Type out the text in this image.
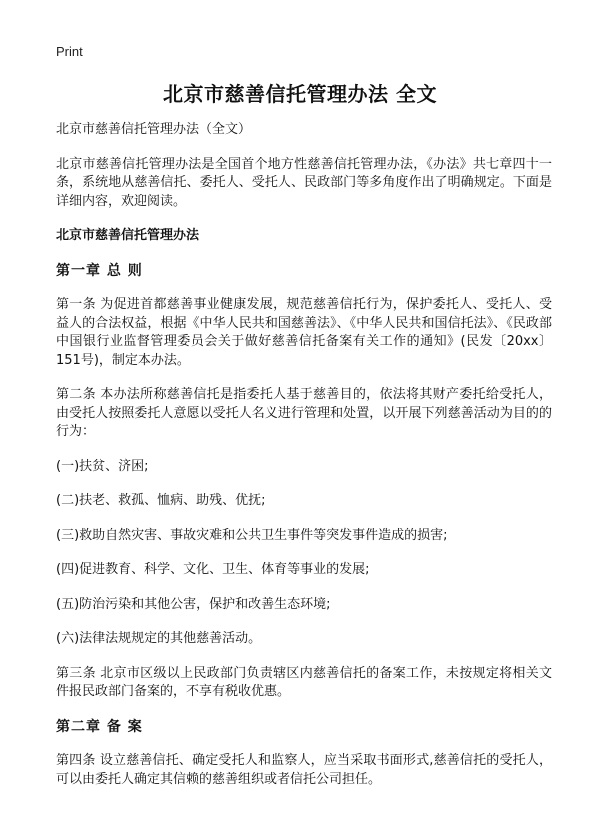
Print
北京市慈善信托管理办法 全文

北京市慈善信托管理办法（全文）

北京市慈善信托管理办法是全国首个地方性慈善信托管理办法，《办法》共七章四十一条，系统地从慈善信托、委托人、受托人、民政部门等多角度作出了明确规定。下面是详细内容，欢迎阅读。

北京市慈善信托管理办法

第一章 总 则

第一条 为促进首都慈善事业健康发展，规范慈善信托行为，保护委托人、受托人、受益人的合法权益，根据《中华人民共和国慈善法》、《中华人民共和国信托法》、《民政部中国银行业监督管理委员会关于做好慈善信托备案有关工作的通知》(民发〔20xx〕151号)，制定本办法。

第二条 本办法所称慈善信托是指委托人基于慈善目的，依法将其财产委托给受托人，由受托人按照委托人意愿以受托人名义进行管理和处置，以开展下列慈善活动为目的的行为：

(一)扶贫、济困;

(二)扶老、救孤、恤病、助残、优抚;

(三)救助自然灾害、事故灾难和公共卫生事件等突发事件造成的损害;

(四)促进教育、科学、文化、卫生、体育等事业的发展;

(五)防治污染和其他公害，保护和改善生态环境;

(六)法律法规规定的其他慈善活动。

第三条 北京市区级以上民政部门负责辖区内慈善信托的备案工作，未按规定将相关文件报民政部门备案的，不享有税收优惠。

第二章 备 案

第四条 设立慈善信托、确定受托人和监察人，应当采取书面形式,慈善信托的受托人，可以由委托人确定其信赖的慈善组织或者信托公司担任。
